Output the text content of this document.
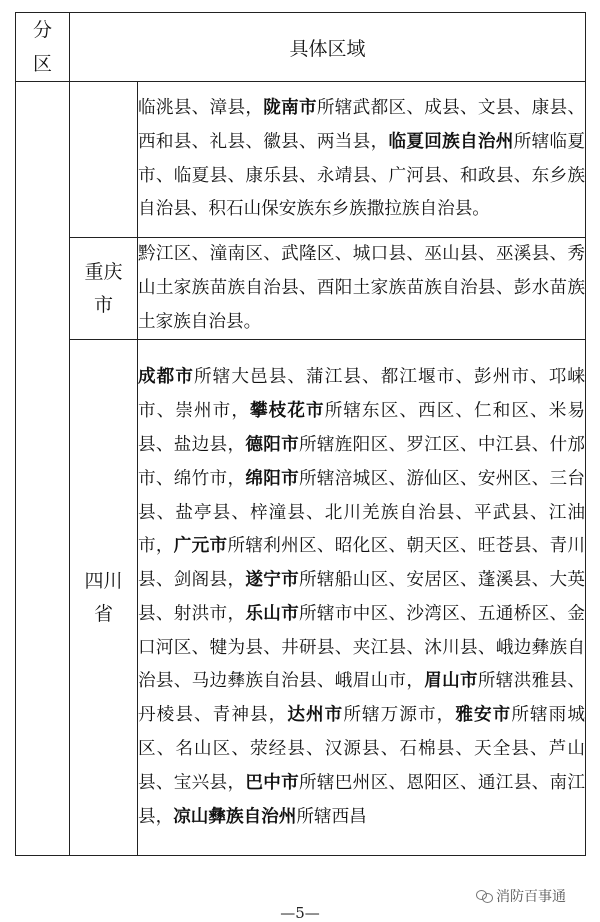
分
区	具体区域	
		临洮县、漳县，陇南市所辖武都区、成县、文县、康县、西和县、礼县、徽县、两当县，临夏回族自治州所辖临夏市、临夏县、康乐县、永靖县、广河县、和政县、东乡族自治县、积石山保安族东乡族撒拉族自治县。

	重庆
市	黔江区、潼南区、武隆区、城口县、巫山县、巫溪县、秀山土家族苗族自治县、酉阳土家族苗族自治县、彭水苗族土家族自治县。

	四川
省	成都市所辖大邑县、蒲江县、都江堰市、彭州市、邛崃市、崇州市，攀枝花市所辖东区、西区、仁和区、米易县、盐边县，德阳市所辖旌阳区、罗江区、中江县、什邡市、绵竹市，绵阳市所辖涪城区、游仙区、安州区、三台县、盐亭县、梓潼县、北川羌族自治县、平武县、江油市，广元市所辖利州区、昭化区、朝天区、旺苍县、青川县、剑阁县，遂宁市所辖船山区、安居区、蓬溪县、大英县、射洪市，乐山市所辖市中区、沙湾区、五通桥区、金口河区、犍为县、井研县、夹江县、沐川县、峨边彝族自治县、马边彝族自治县、峨眉山市，眉山市所辖洪雅县、丹棱县、青神县，达州市所辖万源市，雅安市所辖雨城区、名山区、荥经县、汉源县、石棉县、天全县、芦山县、宝兴县，巴中市所辖巴州区、恩阳区、通江县、南江县，凉山彝族自治州所辖西昌
消防百事通
—5—
